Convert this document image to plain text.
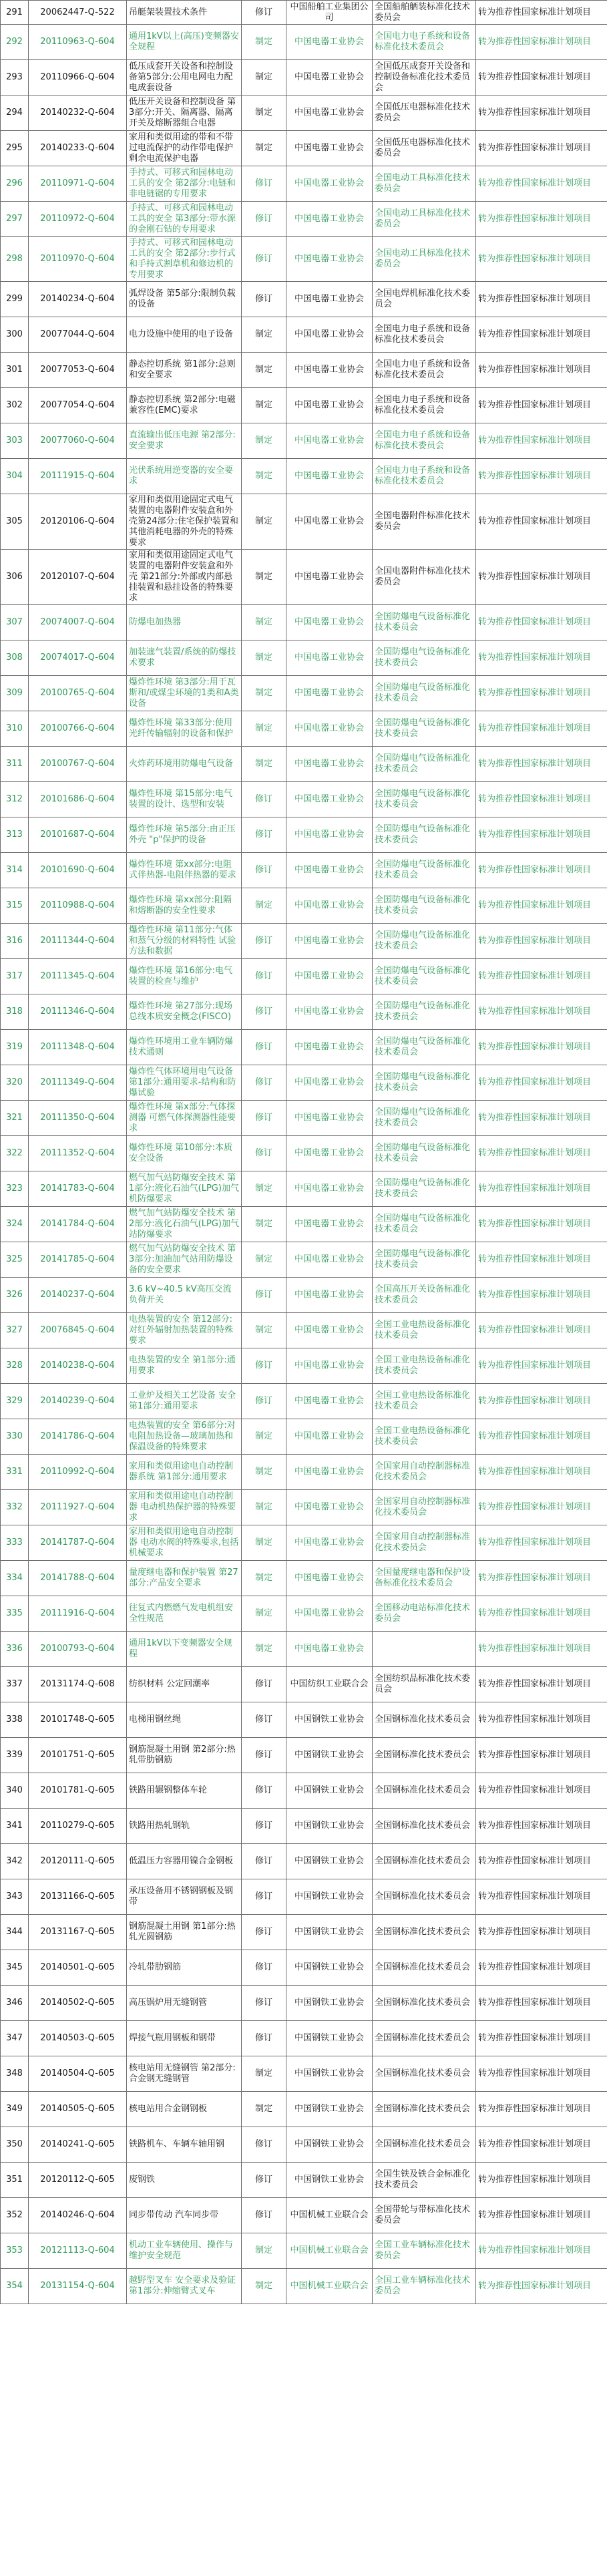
291	20062447-Q-522	吊艇架装置技术条件	修订	中国船舶工业集团公司	全国船舶舾装标准化技术委员会	转为推荐性国家标准计划项目
292	20110963-Q-604	通用1kV以上(高压)变频器安全规程	制定	中国电器工业协会	全国电力电子系统和设备标准化技术委员会	转为推荐性国家标准计划项目
293	20110966-Q-604	低压成套开关设备和控制设备第5部分:公用电网电力配电成套设备	制定	中国电器工业协会	全国低压成套开关设备和控制设备标准化技术委员会	转为推荐性国家标准计划项目
294	20140232-Q-604	低压开关设备和控制设备 第3部分:开关、隔离器、隔离开关及熔断器组合电器	制定	中国电器工业协会	全国低压电器标准化技术委员会	转为推荐性国家标准计划项目
295	20140233-Q-604	家用和类似用途的带和不带过电流保护的动作带电保护剩余电流保护电器	制定	中国电器工业协会	全国低压电器标准化技术委员会	转为推荐性国家标准计划项目
296	20110971-Q-604	手持式、可移式和园林电动工具的安全 第2部分:电链和非电链锯的专用要求	修订	中国电器工业协会	全国电动工具标准化技术委员会	转为推荐性国家标准计划项目
297	20110972-Q-604	手持式、可移式和园林电动工具的安全 第3部分:带水源的金刚石钻的专用要求	修订	中国电器工业协会	全国电动工具标准化技术委员会	转为推荐性国家标准计划项目
298	20110970-Q-604	手持式、可移式和园林电动工具的安全 第2部分:步行式和手持式割草机和修边机的专用要求	修订	中国电器工业协会	全国电动工具标准化技术委员会	转为推荐性国家标准计划项目
299	20140234-Q-604	弧焊设备 第5部分:限制负载的设备	修订	中国电器工业协会	全国电焊机标准化技术委员会	转为推荐性国家标准计划项目
300	20077044-Q-604	电力设施中使用的电子设备	制定	中国电器工业协会	全国电力电子系统和设备标准化技术委员会	转为推荐性国家标准计划项目
301	20077053-Q-604	静态控切系统 第1部分:总则和安全要求	制定	中国电器工业协会	全国电力电子系统和设备标准化技术委员会	转为推荐性国家标准计划项目
302	20077054-Q-604	静态控切系统 第2部分:电磁兼容性(EMC)要求	制定	中国电器工业协会	全国电力电子系统和设备标准化技术委员会	转为推荐性国家标准计划项目
303	20077060-Q-604	直流输出低压电源 第2部分:安全要求	制定	中国电器工业协会	全国电力电子系统和设备标准化技术委员会	转为推荐性国家标准计划项目
304	20111915-Q-604	光伏系统用逆变器的安全要求	制定	中国电器工业协会	全国电力电子系统和设备标准化技术委员会	转为推荐性国家标准计划项目
305	20120106-Q-604	家用和类似用途固定式电气装置的电器附件安装盒和外壳第24部分:住宅保护装置和其他消耗电器的外壳的特殊要求	制定	中国电器工业协会	全国电器附件标准化技术委员会	转为推荐性国家标准计划项目
306	20120107-Q-604	家用和类似用途固定式电气装置的电器附件安装盒和外壳 第21部分:外部或内部悬挂装置和悬挂设备的特殊要求	制定	中国电器工业协会	全国电器附件标准化技术委员会	转为推荐性国家标准计划项目
307	20074007-Q-604	防爆电加热器	制定	中国电器工业协会	全国防爆电气设备标准化技术委员会	转为推荐性国家标准计划项目
308	20074017-Q-604	加装遮气装置/系统的防爆技术要求	制定	中国电器工业协会	全国防爆电气设备标准化技术委员会	转为推荐性国家标准计划项目
309	20100765-Q-604	爆炸性环境 第3部分:用于瓦斯和/或煤尘环境的1类和A类设备	制定	中国电器工业协会	全国防爆电气设备标准化技术委员会	转为推荐性国家标准计划项目
310	20100766-Q-604	爆炸性环境 第33部分:使用光纤传输辐射的设备和保护	制定	中国电器工业协会	全国防爆电气设备标准化技术委员会	转为推荐性国家标准计划项目
311	20100767-Q-604	火炸药环境用防爆电气设备	制定	中国电器工业协会	全国防爆电气设备标准化技术委员会	转为推荐性国家标准计划项目
312	20101686-Q-604	爆炸性环境 第15部分:电气装置的设计、选型和安装	修订	中国电器工业协会	全国防爆电气设备标准化技术委员会	转为推荐性国家标准计划项目
313	20101687-Q-604	爆炸性环境 第5部分:由正压外壳 "p"保护的设备	修订	中国电器工业协会	全国防爆电气设备标准化技术委员会	转为推荐性国家标准计划项目
314	20101690-Q-604	爆炸性环境 第xx部分:电阻式伴热器-电阻伴热器的要求	修订	中国电器工业协会	全国防爆电气设备标准化技术委员会	转为推荐性国家标准计划项目
315	20110988-Q-604	爆炸性环境 第xx部分:阻隔和熔断器的安全性要求	制定	中国电器工业协会	全国防爆电气设备标准化技术委员会	转为推荐性国家标准计划项目
316	20111344-Q-604	爆炸性环境 第11部分:气体和蒸气分级的材料特性 试验方法和数据	修订	中国电器工业协会	全国防爆电气设备标准化技术委员会	转为推荐性国家标准计划项目
317	20111345-Q-604	爆炸性环境 第16部分:电气装置的检查与维护	修订	中国电器工业协会	全国防爆电气设备标准化技术委员会	转为推荐性国家标准计划项目
318	20111346-Q-604	爆炸性环境 第27部分:现场总线本质安全概念(FISCO)	修订	中国电器工业协会	全国防爆电气设备标准化技术委员会	转为推荐性国家标准计划项目
319	20111348-Q-604	爆炸性环境用工业车辆防爆技术通则	修订	中国电器工业协会	全国防爆电气设备标准化技术委员会	转为推荐性国家标准计划项目
320	20111349-Q-604	爆炸性气体环境用电气设备 第1部分:通用要求-结构和防爆试验	修订	中国电器工业协会	全国防爆电气设备标准化技术委员会	转为推荐性国家标准计划项目
321	20111350-Q-604	爆炸性环境 第x部分:气体探测器 可燃气体探测器性能要求	修订	中国电器工业协会	全国防爆电气设备标准化技术委员会	转为推荐性国家标准计划项目
322	20111352-Q-604	爆炸性环境 第10部分:本质安全设备	修订	中国电器工业协会	全国防爆电气设备标准化技术委员会	转为推荐性国家标准计划项目
323	20141783-Q-604	燃气加气站防爆安全技术 第1部分:液化石油气(LPG)加气机防爆要求	制定	中国电器工业协会	全国防爆电气设备标准化技术委员会	转为推荐性国家标准计划项目
324	20141784-Q-604	燃气加气站防爆安全技术 第2部分:液化石油气(LPG)加气站防爆要求	制定	中国电器工业协会	全国防爆电气设备标准化技术委员会	转为推荐性国家标准计划项目
325	20141785-Q-604	燃气加气站防爆安全技术 第3部分:加油加气站用防爆设备的安全要求	制定	中国电器工业协会	全国防爆电气设备标准化技术委员会	转为推荐性国家标准计划项目
326	20140237-Q-604	3.6 kV~40.5 kV高压交流负荷开关	修订	中国电器工业协会	全国高压开关设备标准化技术委员会	转为推荐性国家标准计划项目
327	20076845-Q-604	电热装置的安全 第12部分:对红外辐射加热装置的特殊要求	制定	中国电器工业协会	全国工业电热设备标准化技术委员会	转为推荐性国家标准计划项目
328	20140238-Q-604	电热装置的安全 第1部分:通用要求	修订	中国电器工业协会	全国工业电热设备标准化技术委员会	转为推荐性国家标准计划项目
329	20140239-Q-604	工业炉及相关工艺设备 安全 第1部分:通用要求	修订	中国电器工业协会	全国工业电热设备标准化技术委员会	转为推荐性国家标准计划项目
330	20141786-Q-604	电热装置的安全 第6部分:对电阻加热设备—玻璃加热和保温设备的特殊要求	制定	中国电器工业协会	全国工业电热设备标准化技术委员会	转为推荐性国家标准计划项目
331	20110992-Q-604	家用和类似用途电自动控制器系统 第1部分:通用要求	制定	中国电器工业协会	全国家用自动控制器标准化技术委员会	转为推荐性国家标准计划项目
332	20111927-Q-604	家用和类似用途电自动控制器 电动机热保护器的特殊要求	制定	中国电器工业协会	全国家用自动控制器标准化技术委员会	转为推荐性国家标准计划项目
333	20141787-Q-604	家用和类似用途电自动控制器 电动水阀的特殊要求,包括机械要求	制定	中国电器工业协会	全国家用自动控制器标准化技术委员会	转为推荐性国家标准计划项目
334	20141788-Q-604	量度继电器和保护装置 第27部分:产品安全要求	制定	中国电器工业协会	全国量度继电器和保护设备标准化技术委员会	转为推荐性国家标准计划项目
335	20111916-Q-604	往复式内燃燃气发电机组安全性规范	制定	中国电器工业协会	全国移动电站标准化技术委员会	转为推荐性国家标准计划项目
336	20100793-Q-604	通用1kV以下变频器安全规程	制定	中国电器工业协会		转为推荐性国家标准计划项目
337	20131174-Q-608	纺织材料 公定回潮率	修订	中国纺织工业联合会	全国纺织品标准化技术委员会	转为推荐性国家标准计划项目
338	20101748-Q-605	电梯用钢丝绳	修订	中国钢铁工业协会	全国钢标准化技术委员会	转为推荐性国家标准计划项目
339	20101751-Q-605	钢筋混凝土用钢 第2部分:热轧带肋钢筋	修订	中国钢铁工业协会	全国钢标准化技术委员会	转为推荐性国家标准计划项目
340	20101781-Q-605	铁路用辗钢整体车轮	修订	中国钢铁工业协会	全国钢标准化技术委员会	转为推荐性国家标准计划项目
341	20110279-Q-605	铁路用热轧钢轨	修订	中国钢铁工业协会	全国钢标准化技术委员会	转为推荐性国家标准计划项目
342	20120111-Q-605	低温压力容器用镍合金钢板	修订	中国钢铁工业协会	全国钢标准化技术委员会	转为推荐性国家标准计划项目
343	20131166-Q-605	承压设备用不锈钢钢板及钢带	修订	中国钢铁工业协会	全国钢标准化技术委员会	转为推荐性国家标准计划项目
344	20131167-Q-605	钢筋混凝土用钢 第1部分:热轧光圆钢筋	修订	中国钢铁工业协会	全国钢标准化技术委员会	转为推荐性国家标准计划项目
345	20140501-Q-605	冷轧带肋钢筋	修订	中国钢铁工业协会	全国钢标准化技术委员会	转为推荐性国家标准计划项目
346	20140502-Q-605	高压锅炉用无缝钢管	修订	中国钢铁工业协会	全国钢标准化技术委员会	转为推荐性国家标准计划项目
347	20140503-Q-605	焊接气瓶用钢板和钢带	修订	中国钢铁工业协会	全国钢标准化技术委员会	转为推荐性国家标准计划项目
348	20140504-Q-605	核电站用无缝钢管 第2部分:合金钢无缝钢管	制定	中国钢铁工业协会	全国钢标准化技术委员会	转为推荐性国家标准计划项目
349	20140505-Q-605	核电站用合金钢钢板	制定	中国钢铁工业协会	全国钢标准化技术委员会	转为推荐性国家标准计划项目
350	20140241-Q-605	铁路机车、车辆车轴用钢	修订	中国钢铁工业协会	全国钢标准化技术委员会	转为推荐性国家标准计划项目
351	20120112-Q-605	废钢铁	修订	中国钢铁工业协会	全国生铁及铁合金标准化技术委员会	转为推荐性国家标准计划项目
352	20140246-Q-604	同步带传动 汽车同步带	修订	中国机械工业联合会	全国带轮与带标准化技术委员会	转为推荐性国家标准计划项目
353	20121113-Q-604	机动工业车辆使用、操作与维护安全规范	制定	中国机械工业联合会	全国工业车辆标准化技术委员会	转为推荐性国家标准计划项目
354	20131154-Q-604	越野型叉车 安全要求及验证第1部分:伸缩臂式叉车	制定	中国机械工业联合会	全国工业车辆标准化技术委员会	转为推荐性国家标准计划项目
